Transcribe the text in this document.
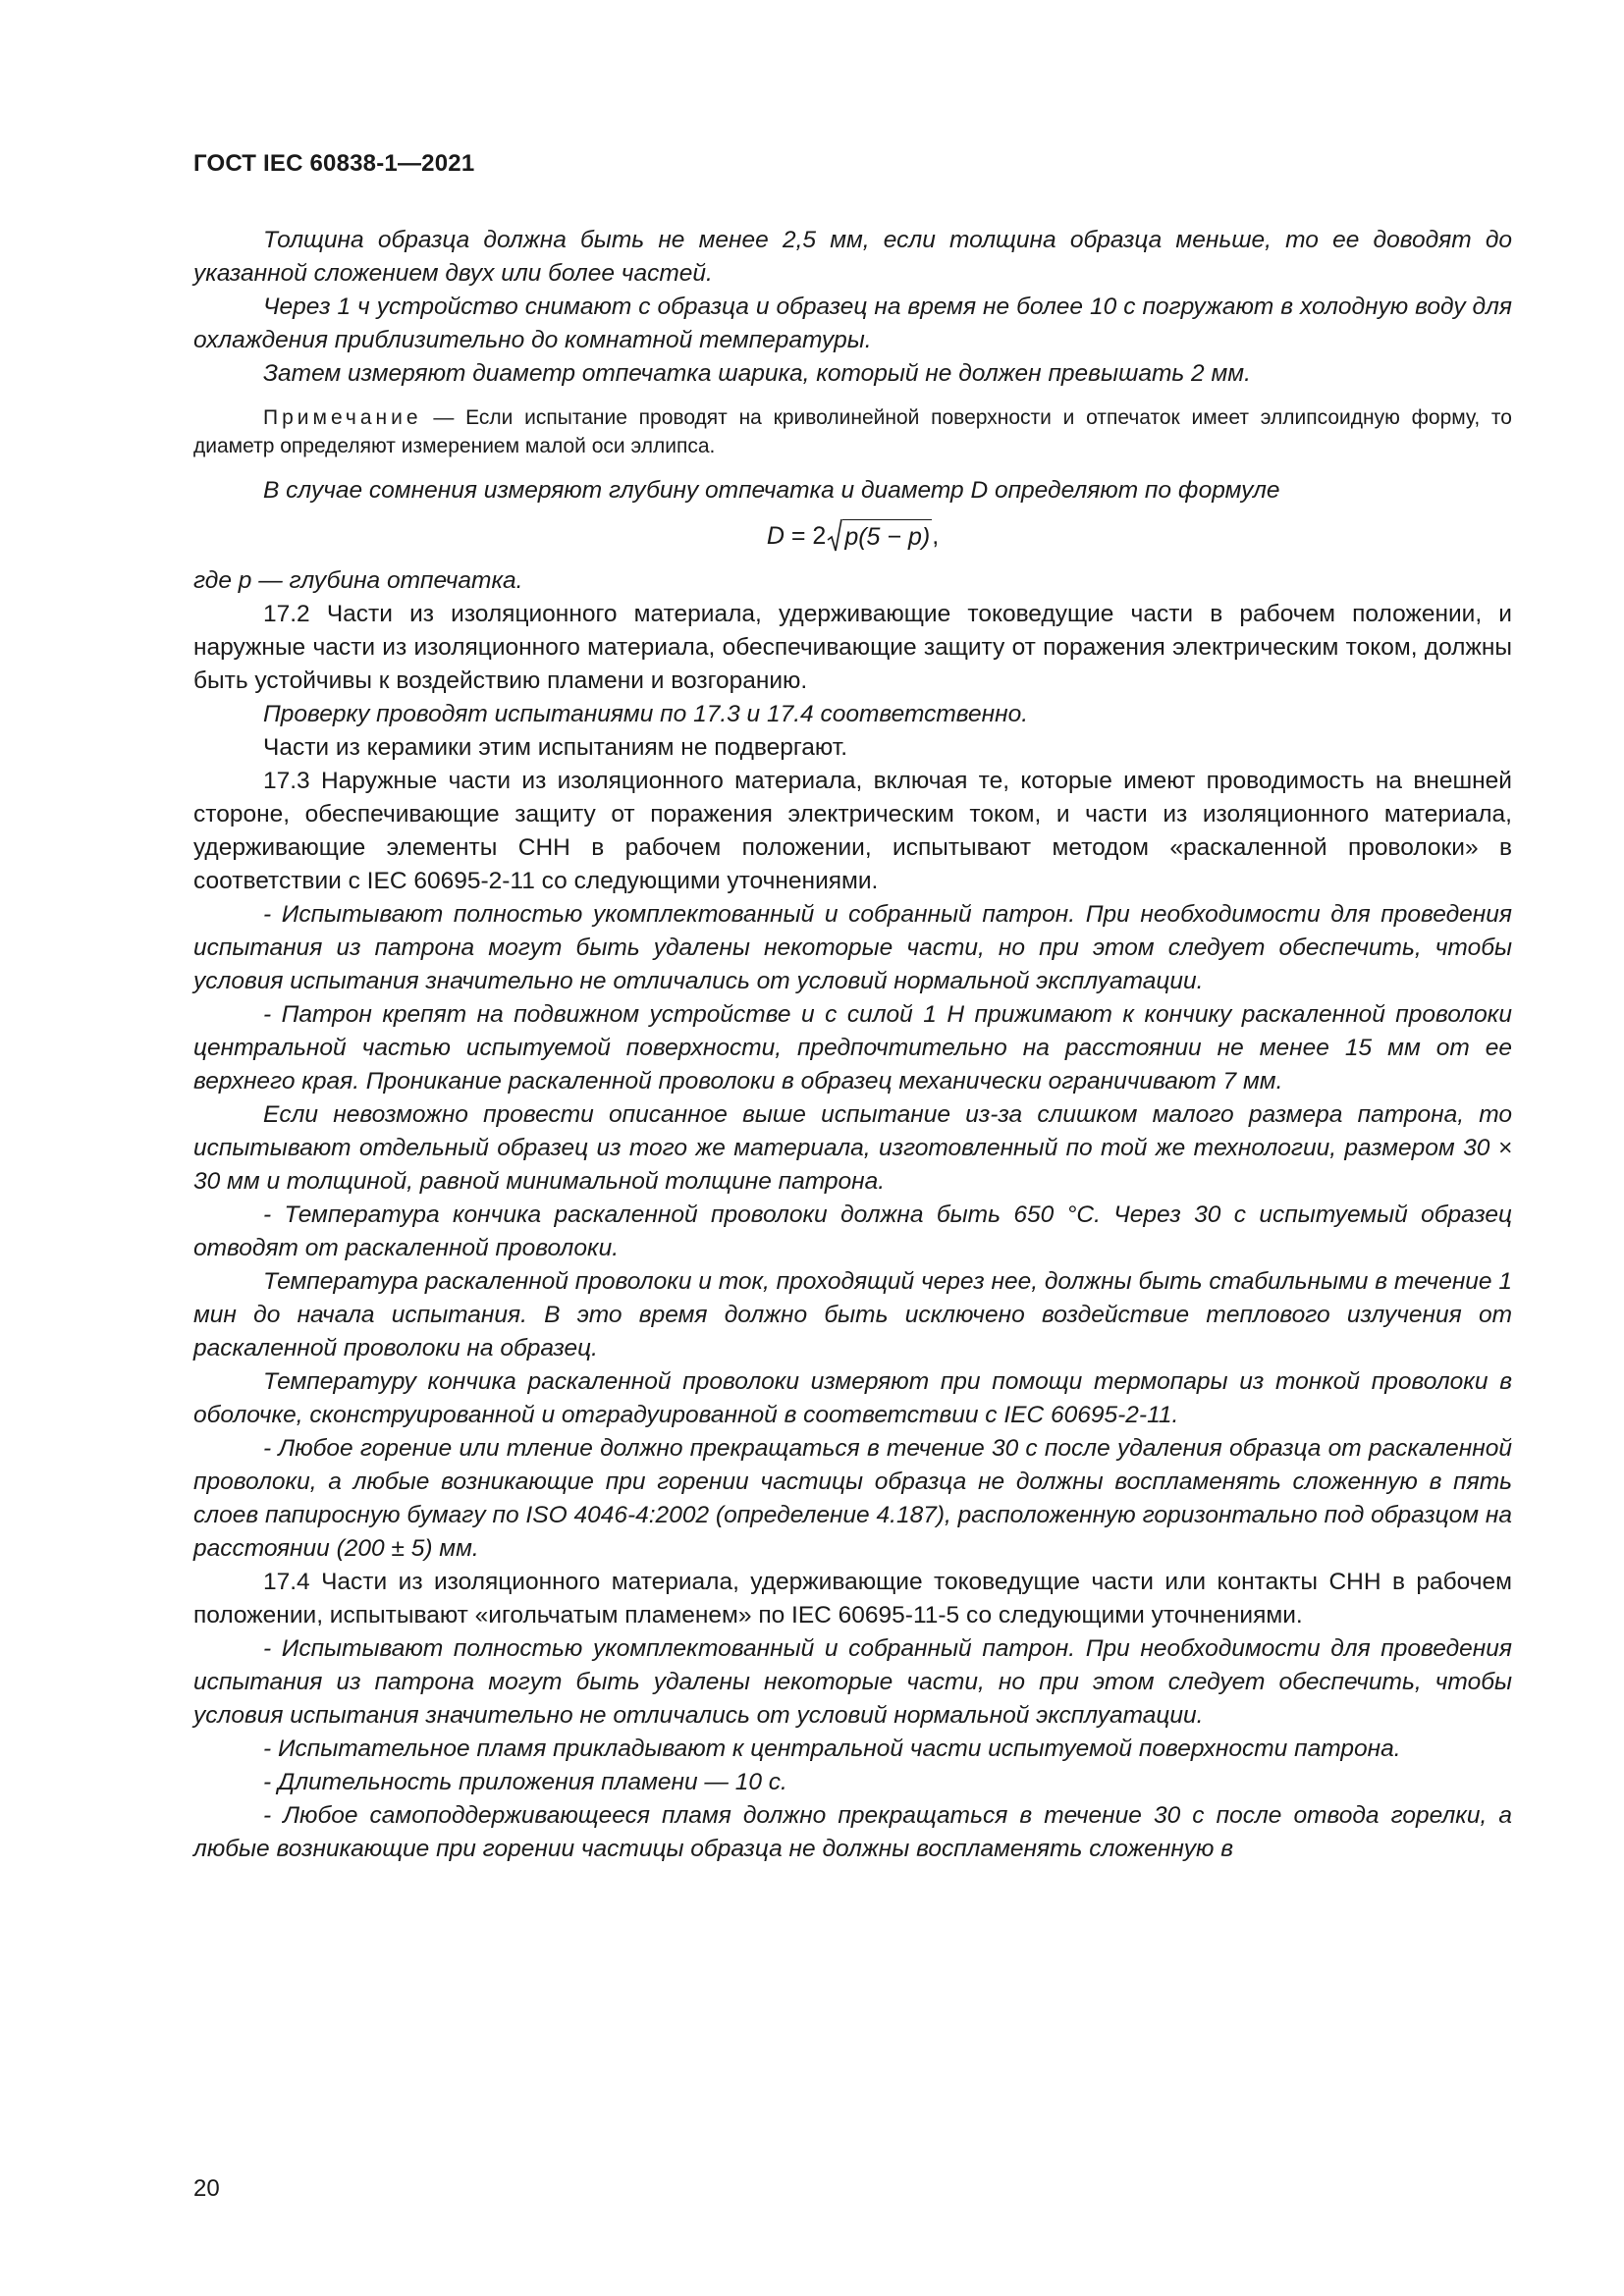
ГОСТ IEC 60838-1—2021

Толщина образца должна быть не менее 2,5 мм, если толщина образца меньше, то ее доводят до указанной сложением двух или более частей.

Через 1 ч устройство снимают с образца и образец на время не более 10 с погружают в холодную воду для охлаждения приблизительно до комнатной температуры.

Затем измеряют диаметр отпечатка шарика, который не должен превышать 2 мм.

Примечание — Если испытание проводят на криволинейной поверхности и отпечаток имеет эллипсоидную форму, то диаметр определяют измерением малой оси эллипса.

В случае сомнения измеряют глубину отпечатка и диаметр D определяют по формуле

D = 2 p(5 − p) ,

где p — глубина отпечатка.

17.2 Части из изоляционного материала, удерживающие токоведущие части в рабочем положении, и наружные части из изоляционного материала, обеспечивающие защиту от поражения электрическим током, должны быть устойчивы к воздействию пламени и возгоранию.

Проверку проводят испытаниями по 17.3 и 17.4 соответственно.

Части из керамики этим испытаниям не подвергают.

17.3 Наружные части из изоляционного материала, включая те, которые имеют проводимость на внешней стороне, обеспечивающие защиту от поражения электрическим током, и части из изоляционного материала, удерживающие элементы СНН в рабочем положении, испытывают методом «раскаленной проволоки» в соответствии с IEC 60695-2-11 со следующими уточнениями.

- Испытывают полностью укомплектованный и собранный патрон. При необходимости для проведения испытания из патрона могут быть удалены некоторые части, но при этом следует обеспечить, чтобы условия испытания значительно не отличались от условий нормальной эксплуатации.

- Патрон крепят на подвижном устройстве и с силой 1 Н прижимают к кончику раскаленной проволоки центральной частью испытуемой поверхности, предпочтительно на расстоянии не менее 15 мм от ее верхнего края. Проникание раскаленной проволоки в образец механически ограничивают 7 мм.

Если невозможно провести описанное выше испытание из-за слишком малого размера патрона, то испытывают отдельный образец из того же материала, изготовленный по той же технологии, размером 30 × 30 мм и толщиной, равной минимальной толщине патрона.

- Температура кончика раскаленной проволоки должна быть 650 °С. Через 30 с испытуемый образец отводят от раскаленной проволоки.

Температура раскаленной проволоки и ток, проходящий через нее, должны быть стабильными в течение 1 мин до начала испытания. В это время должно быть исключено воздействие теплового излучения от раскаленной проволоки на образец.

Температуру кончика раскаленной проволоки измеряют при помощи термопары из тонкой проволоки в оболочке, сконструированной и отградуированной в соответствии с IEC 60695-2-11.

- Любое горение или тление должно прекращаться в течение 30 с после удаления образца от раскаленной проволоки, а любые возникающие при горении частицы образца не должны воспламенять сложенную в пять слоев папиросную бумагу по ISO 4046-4:2002 (определение 4.187), расположенную горизонтально под образцом на расстоянии (200 ± 5) мм.

17.4 Части из изоляционного материала, удерживающие токоведущие части или контакты СНН в рабочем положении, испытывают «игольчатым пламенем» по IEC 60695-11-5 со следующими уточнениями.

- Испытывают полностью укомплектованный и собранный патрон. При необходимости для проведения испытания из патрона могут быть удалены некоторые части, но при этом следует обеспечить, чтобы условия испытания значительно не отличались от условий нормальной эксплуатации.

- Испытательное пламя прикладывают к центральной части испытуемой поверхности патрона.

- Длительность приложения пламени — 10 с.

- Любое самоподдерживающееся пламя должно прекращаться в течение 30 с после отвода горелки, а любые возникающие при горении частицы образца не должны воспламенять сложенную в

20
